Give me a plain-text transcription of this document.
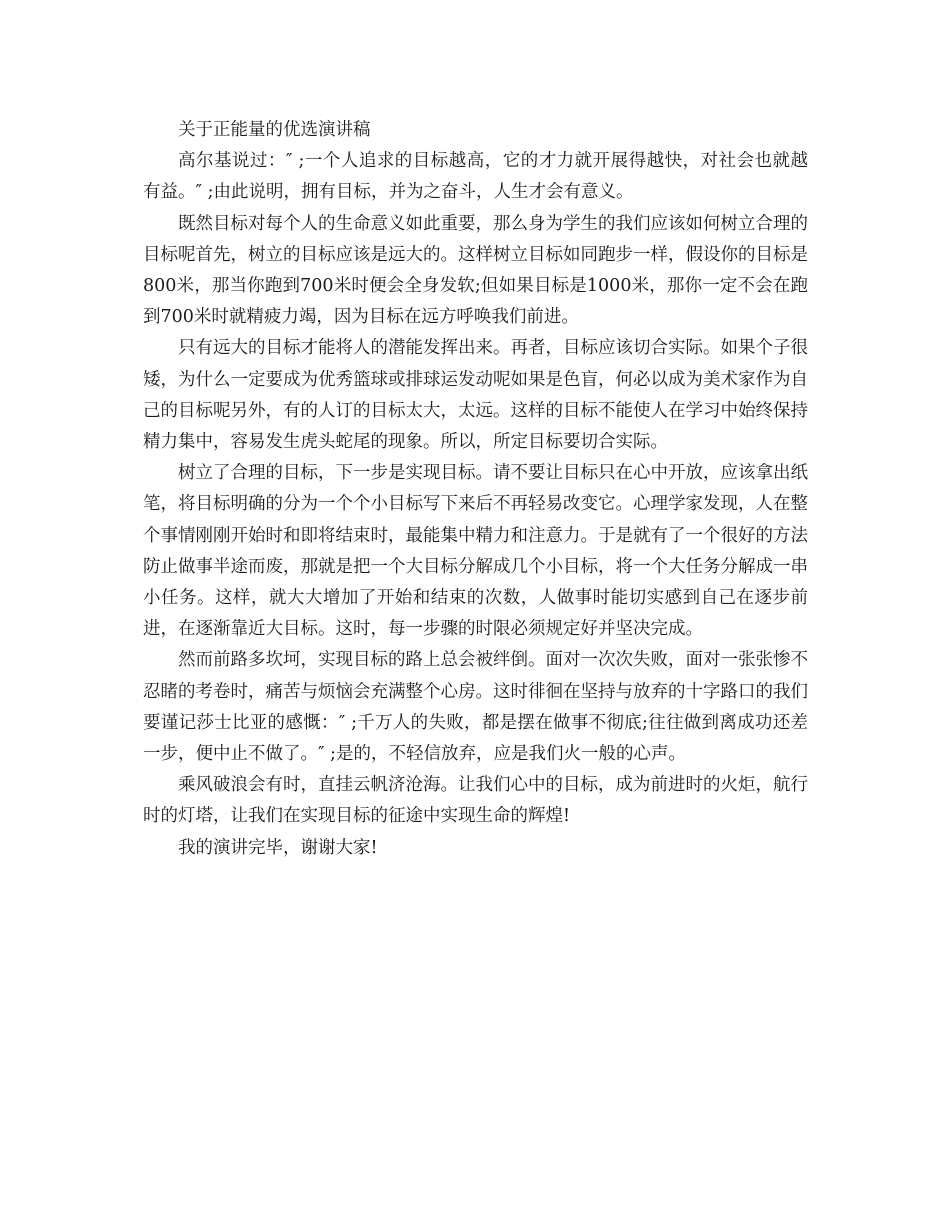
关于正能量的优选演讲稿

高尔基说过：″ ;一个人追求的目标越高，它的才力就开展得越快，对社会也就越有益。″ ;由此说明，拥有目标，并为之奋斗，人生才会有意义。

既然目标对每个人的生命意义如此重要，那么身为学生的我们应该如何树立合理的目标呢首先，树立的目标应该是远大的。这样树立目标如同跑步一样，假设你的目标是800米，那当你跑到700米时便会全身发软;但如果目标是1000米，那你一定不会在跑到700米时就精疲力竭，因为目标在远方呼唤我们前进。

只有远大的目标才能将人的潜能发挥出来。再者，目标应该切合实际。如果个子很矮，为什么一定要成为优秀篮球或排球运发动呢如果是色盲，何必以成为美术家作为自己的目标呢另外，有的人订的目标太大，太远。这样的目标不能使人在学习中始终保持精力集中，容易发生虎头蛇尾的现象。所以，所定目标要切合实际。

树立了合理的目标，下一步是实现目标。请不要让目标只在心中开放，应该拿出纸笔，将目标明确的分为一个个小目标写下来后不再轻易改变它。心理学家发现，人在整个事情刚刚开始时和即将结束时，最能集中精力和注意力。于是就有了一个很好的方法防止做事半途而废，那就是把一个大目标分解成几个小目标，将一个大任务分解成一串小任务。这样，就大大增加了开始和结束的次数，人做事时能切实感到自己在逐步前进，在逐渐靠近大目标。这时，每一步骤的时限必须规定好并坚决完成。

然而前路多坎坷，实现目标的路上总会被绊倒。面对一次次失败，面对一张张惨不忍睹的考卷时，痛苦与烦恼会充满整个心房。这时徘徊在坚持与放弃的十字路口的我们要谨记莎士比亚的感慨：″ ;千万人的失败，都是摆在做事不彻底;往往做到离成功还差一步，便中止不做了。″ ;是的，不轻信放弃，应是我们火一般的心声。

乘风破浪会有时，直挂云帆济沧海。让我们心中的目标，成为前进时的火炬，航行时的灯塔，让我们在实现目标的征途中实现生命的辉煌!

我的演讲完毕，谢谢大家!
